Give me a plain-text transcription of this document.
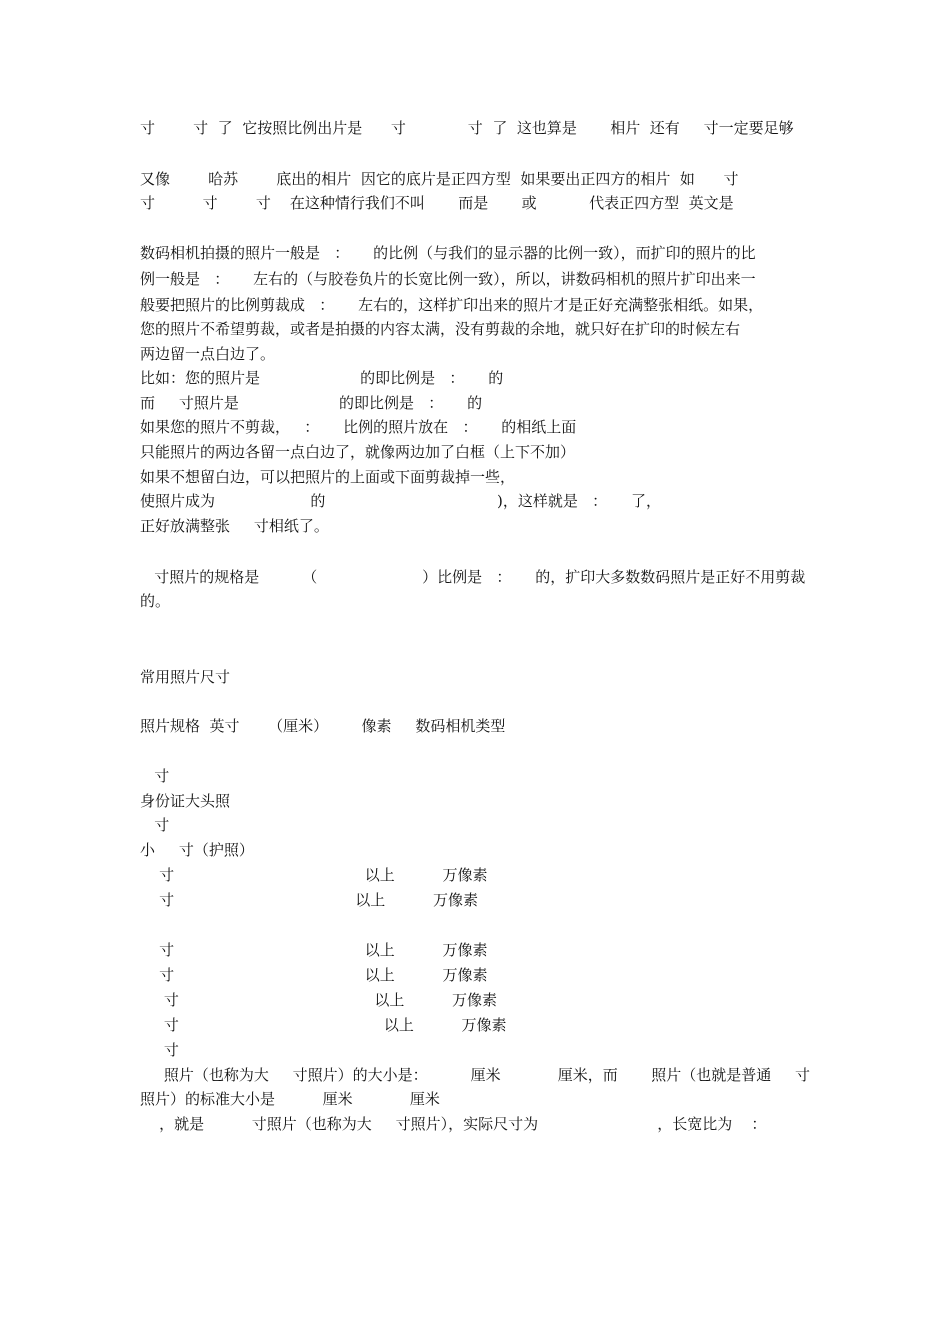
寸        寸  了  它按照比例出片是      寸             寸  了  这也算是       相片  还有     寸一定要足够

又像        哈苏        底出的相片  因它的底片是正四方型  如果要出正四方的相片  如      寸

寸          寸        寸    在这种情行我们不叫       而是       或           代表正四方型  英文是

数码相机拍摄的照片一般是   ：     的比例（与我们的显示器的比例一致），而扩印的照片的比

例一般是   ：     左右的（与胶卷负片的长宽比例一致），所以，讲数码相机的照片扩印出来一

般要把照片的比例剪裁成   ：     左右的，这样扩印出来的照片才是正好充满整张相纸。如果，

您的照片不希望剪裁，或者是拍摄的内容太满，没有剪裁的余地，就只好在扩印的时候左右

两边留一点白边了。

比如：您的照片是                     的即比例是   ：     的

而     寸照片是                     的即比例是   ：     的

如果您的照片不剪裁，   ：     比例的照片放在   ：     的相纸上面

只能照片的两边各留一点白边了，就像两边加了白框（上下不加）

如果不想留白边，可以把照片的上面或下面剪裁掉一些，

使照片成为                    的                                    )，这样就是   ：     了，

正好放满整张     寸相纸了。

寸照片的规格是         （                      ）比例是   ：     的，扩印大多数数码照片是正好不用剪裁

的。

常用照片尺寸

照片规格  英寸      （厘米）       像素     数码相机类型

寸

身份证大头照

寸

小     寸（护照）

寸                                        以上          万像素

寸                                      以上          万像素

寸                                        以上          万像素

寸                                        以上          万像素

寸                                         以上          万像素

寸                                           以上          万像素

寸

照片（也称为大     寸照片）的大小是：         厘米            厘米，而       照片（也就是普通     寸

照片）的标准大小是          厘米            厘米

，就是          寸照片（也称为大     寸照片），实际尺寸为                         ，长宽比为    ：
